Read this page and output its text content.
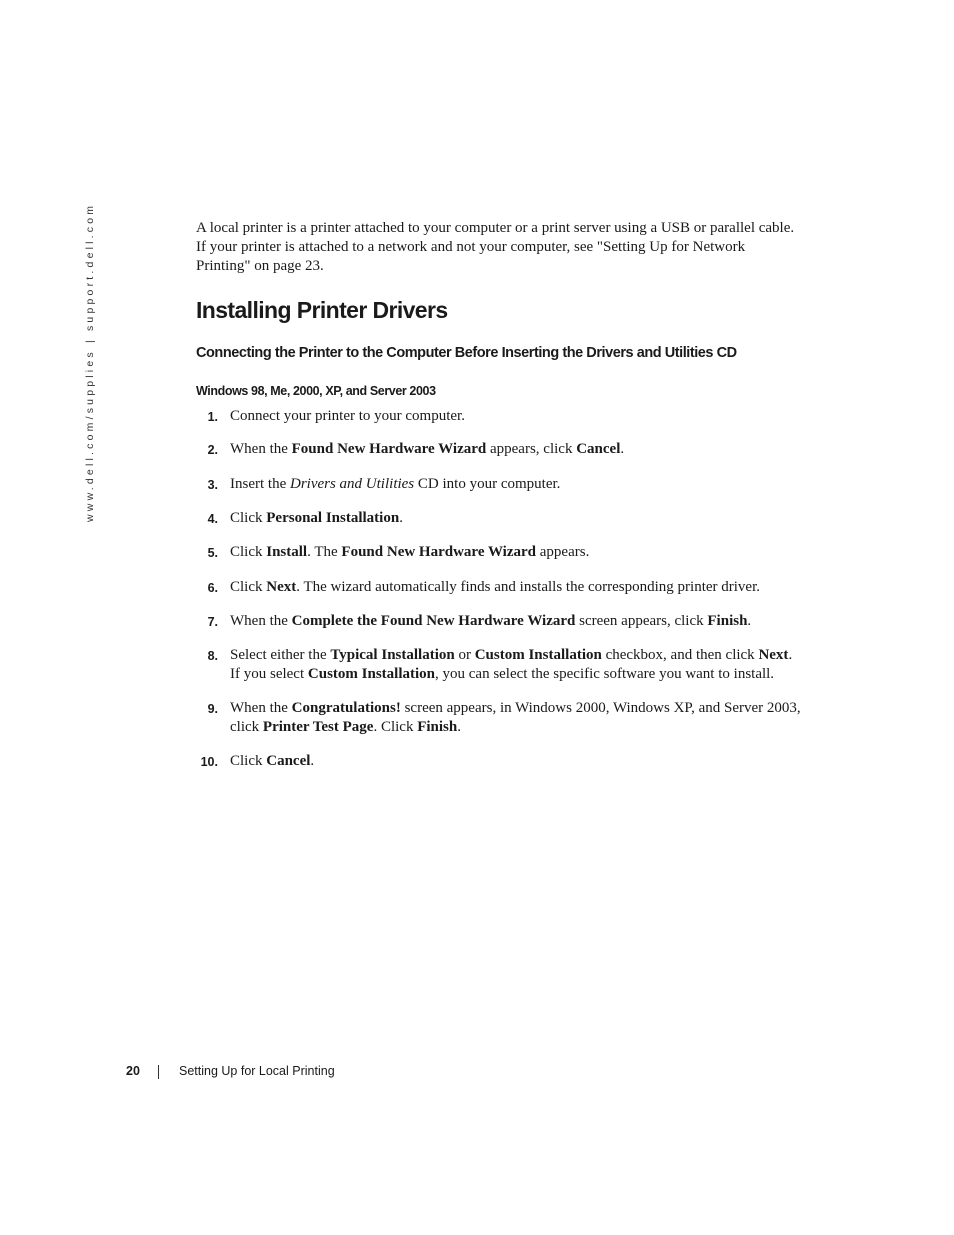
www.dell.com/supplies | support.dell.com	A local printer is a printer attached to your computer or a print server using a USB or parallel cable.
If your printer is attached to a network and not your computer, see "Setting Up for Network
Printing" on page 23.

Installing Printer Drivers
Connecting the Printer to the Computer Before Inserting the Drivers and Utilities CD
Windows 98, Me, 2000, XP, and Server 2003
1. Connect your printer to your computer.
2. When the Found New Hardware Wizard appears, click Cancel.
3. Insert the Drivers and Utilities CD into your computer.
4. Click Personal Installation.
5. Click Install. The Found New Hardware Wizard appears.
6. Click Next. The wizard automatically finds and installs the corresponding printer driver.
7. When the Complete the Found New Hardware Wizard screen appears, click Finish.
8. Select either the Typical Installation or Custom Installation checkbox, and then click Next.
If you select Custom Installation, you can select the specific software you want to install.
9. When the Congratulations! screen appears, in Windows 2000, Windows XP, and Server 2003,
click Printer Test Page. Click Finish.
10. Click Cancel.
20	Setting Up for Local Printing
